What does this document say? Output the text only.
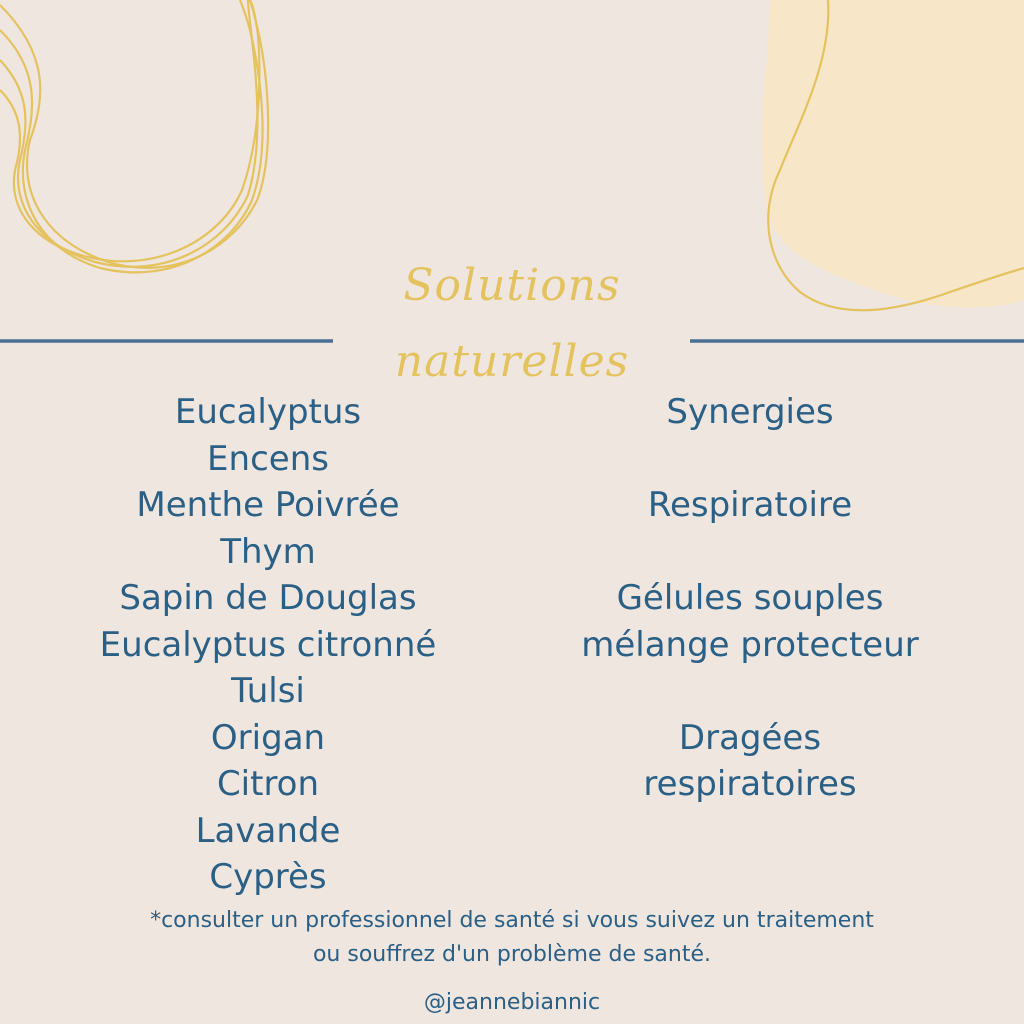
Solutions
naturelles
Eucalyptus
Encens
Menthe Poivrée
Thym
Sapin de Douglas
Eucalyptus citronné
Tulsi
Origan
Citron
Lavande
Cyprès
Synergies
Respiratoire
Gélules souples
mélange protecteur
Dragées
respiratoires
*consulter un professionnel de santé si vous suivez un traitement
ou souffrez d'un problème de santé.
@jeannebiannic
